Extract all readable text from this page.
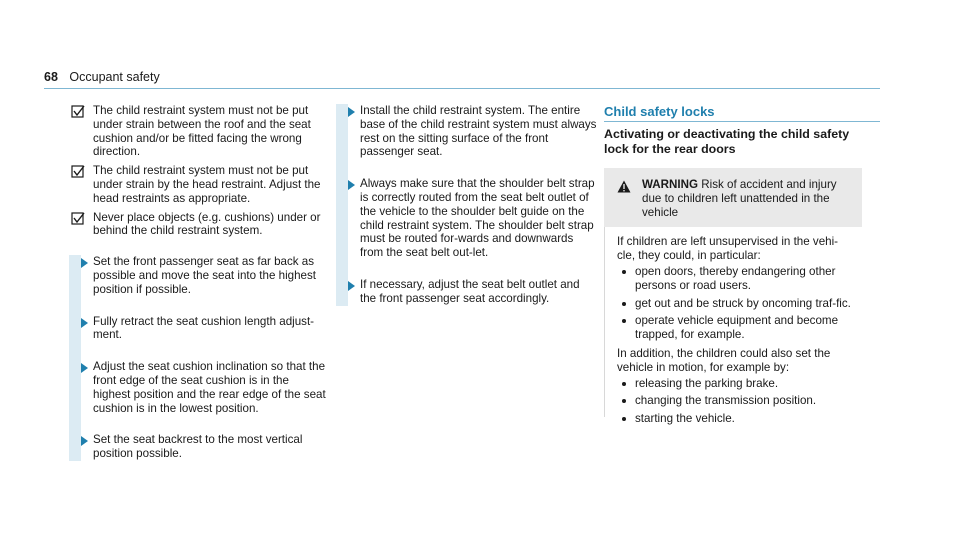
68 Occupant safety
The child restraint system must not be put under strain between the roof and the seat cushion and/or be fitted facing the wrong direction.
The child restraint system must not be put under strain by the head restraint. Adjust the head restraints as appropriate.
Never place objects (e.g. cushions) under or behind the child restraint system.
Set the front passenger seat as far back as possible and move the seat into the highest position if possible.
Fully retract the seat cushion length adjust-ment.
Adjust the seat cushion inclination so that the front edge of the seat cushion is in the highest position and the rear edge of the seat cushion is in the lowest position.
Set the seat backrest to the most vertical position possible.
Install the child restraint system. The entire base of the child restraint system must always rest on the sitting surface of the front passenger seat.
Always make sure that the shoulder belt strap is correctly routed from the seat belt outlet of the vehicle to the shoulder belt guide on the child restraint system. The shoulder belt strap must be routed for-wards and downwards from the seat belt out-let.
If necessary, adjust the seat belt outlet and the front passenger seat accordingly.
Child safety locks
Activating or deactivating the child safety lock for the rear doors
WARNING Risk of accident and injury due to children left unattended in the vehicle

If children are left unsupervised in the vehi-cle, they could, in particular:

open doors, thereby endangering other persons or road users.
get out and be struck by oncoming traf-fic.
operate vehicle equipment and become trapped, for example.

In addition, the children could also set the vehicle in motion, for example by:

releasing the parking brake.
changing the transmission position.
starting the vehicle.
